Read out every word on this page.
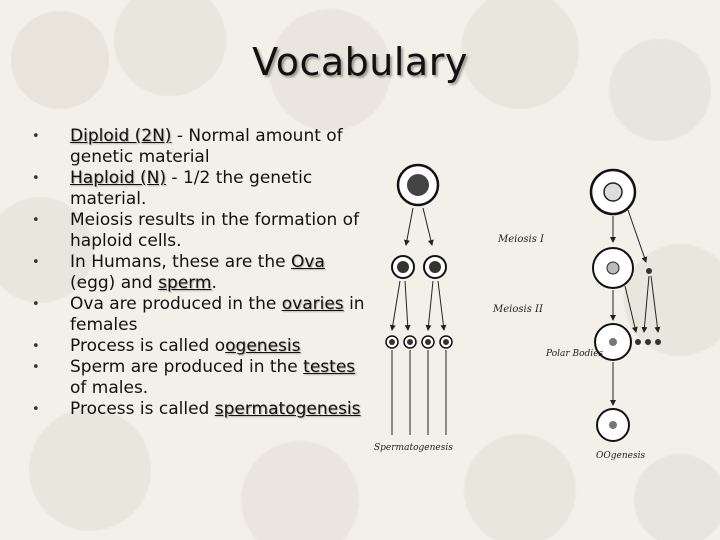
Vocabulary
• Diploid (2N) - Normal amount of genetic material
• Haploid (N) - 1/2 the genetic material.
• Meiosis results in the formation of haploid cells.
• In Humans, these are the Ova (egg) and sperm.
• Ova are produced in the ovaries in females
• Process is called oogenesis
• Sperm are produced in the testes of males.
• Process is called spermatogenesis
Spermatogenesis
Meiosis I
Meiosis II
Polar Bodies
OOgenesis
